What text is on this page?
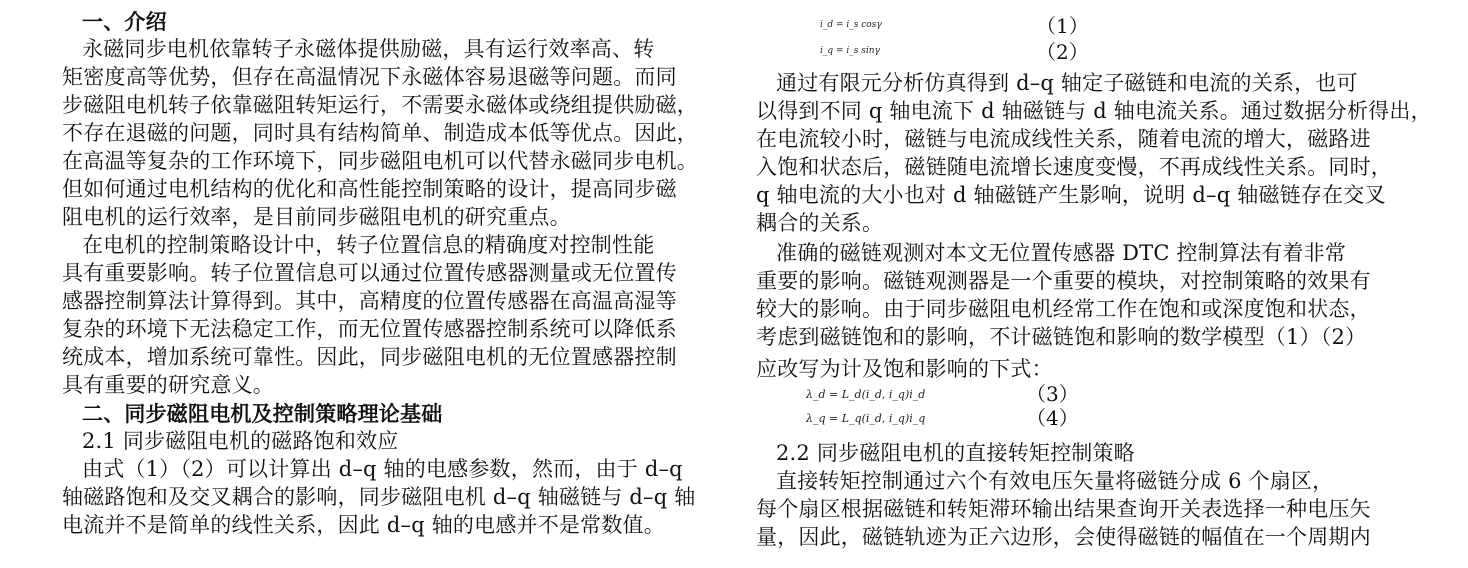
一、介绍
永磁同步电机依靠转子永磁体提供励磁，具有运行效率高、转
矩密度高等优势，但存在高温情况下永磁体容易退磁等问题。而同
步磁阻电机转子依靠磁阻转矩运行，不需要永磁体或绕组提供励磁，
不存在退磁的问题，同时具有结构简单、制造成本低等优点。因此，
在高温等复杂的工作环境下，同步磁阻电机可以代替永磁同步电机。
但如何通过电机结构的优化和高性能控制策略的设计，提高同步磁
阻电机的运行效率，是目前同步磁阻电机的研究重点。
在电机的控制策略设计中，转子位置信息的精确度对控制性能
具有重要影响。转子位置信息可以通过位置传感器测量或无位置传
感器控制算法计算得到。其中，高精度的位置传感器在高温高湿等
复杂的环境下无法稳定工作，而无位置传感器控制系统可以降低系
统成本，增加系统可靠性。因此，同步磁阻电机的无位置感器控制
具有重要的研究意义。
二、同步磁阻电机及控制策略理论基础
2.1 同步磁阻电机的磁路饱和效应
由式（1）（2）可以计算出 d–q 轴的电感参数，然而，由于 d–q
轴磁路饱和及交叉耦合的影响，同步磁阻电机 d–q 轴磁链与 d–q 轴
电流并不是简单的线性关系，因此 d–q 轴的电感并不是常数值。
i_d = i_s cosγ	（1）
i_q = i_s sinγ	（2）
通过有限元分析仿真得到 d–q 轴定子磁链和电流的关系，也可
以得到不同 q 轴电流下 d 轴磁链与 d 轴电流关系。通过数据分析得出，
在电流较小时，磁链与电流成线性关系，随着电流的增大，磁路进
入饱和状态后，磁链随电流增长速度变慢，不再成线性关系。同时，
q 轴电流的大小也对 d 轴磁链产生影响，说明 d–q 轴磁链存在交叉
耦合的关系。
准确的磁链观测对本文无位置传感器 DTC 控制算法有着非常
重要的影响。磁链观测器是一个重要的模块，对控制策略的效果有
较大的影响。由于同步磁阻电机经常工作在饱和或深度饱和状态，
考虑到磁链饱和的影响，不计磁链饱和影响的数学模型（1）（2）
应改写为计及饱和影响的下式：
λ_d = L_d(i_d, i_q)i_d	（3）
λ_q = L_q(i_d, i_q)i_q	（4）
2.2 同步磁阻电机的直接转矩控制策略
直接转矩控制通过六个有效电压矢量将磁链分成 6 个扇区，
每个扇区根据磁链和转矩滞环输出结果查询开关表选择一种电压矢
量，因此，磁链轨迹为正六边形，会使得磁链的幅值在一个周期内
